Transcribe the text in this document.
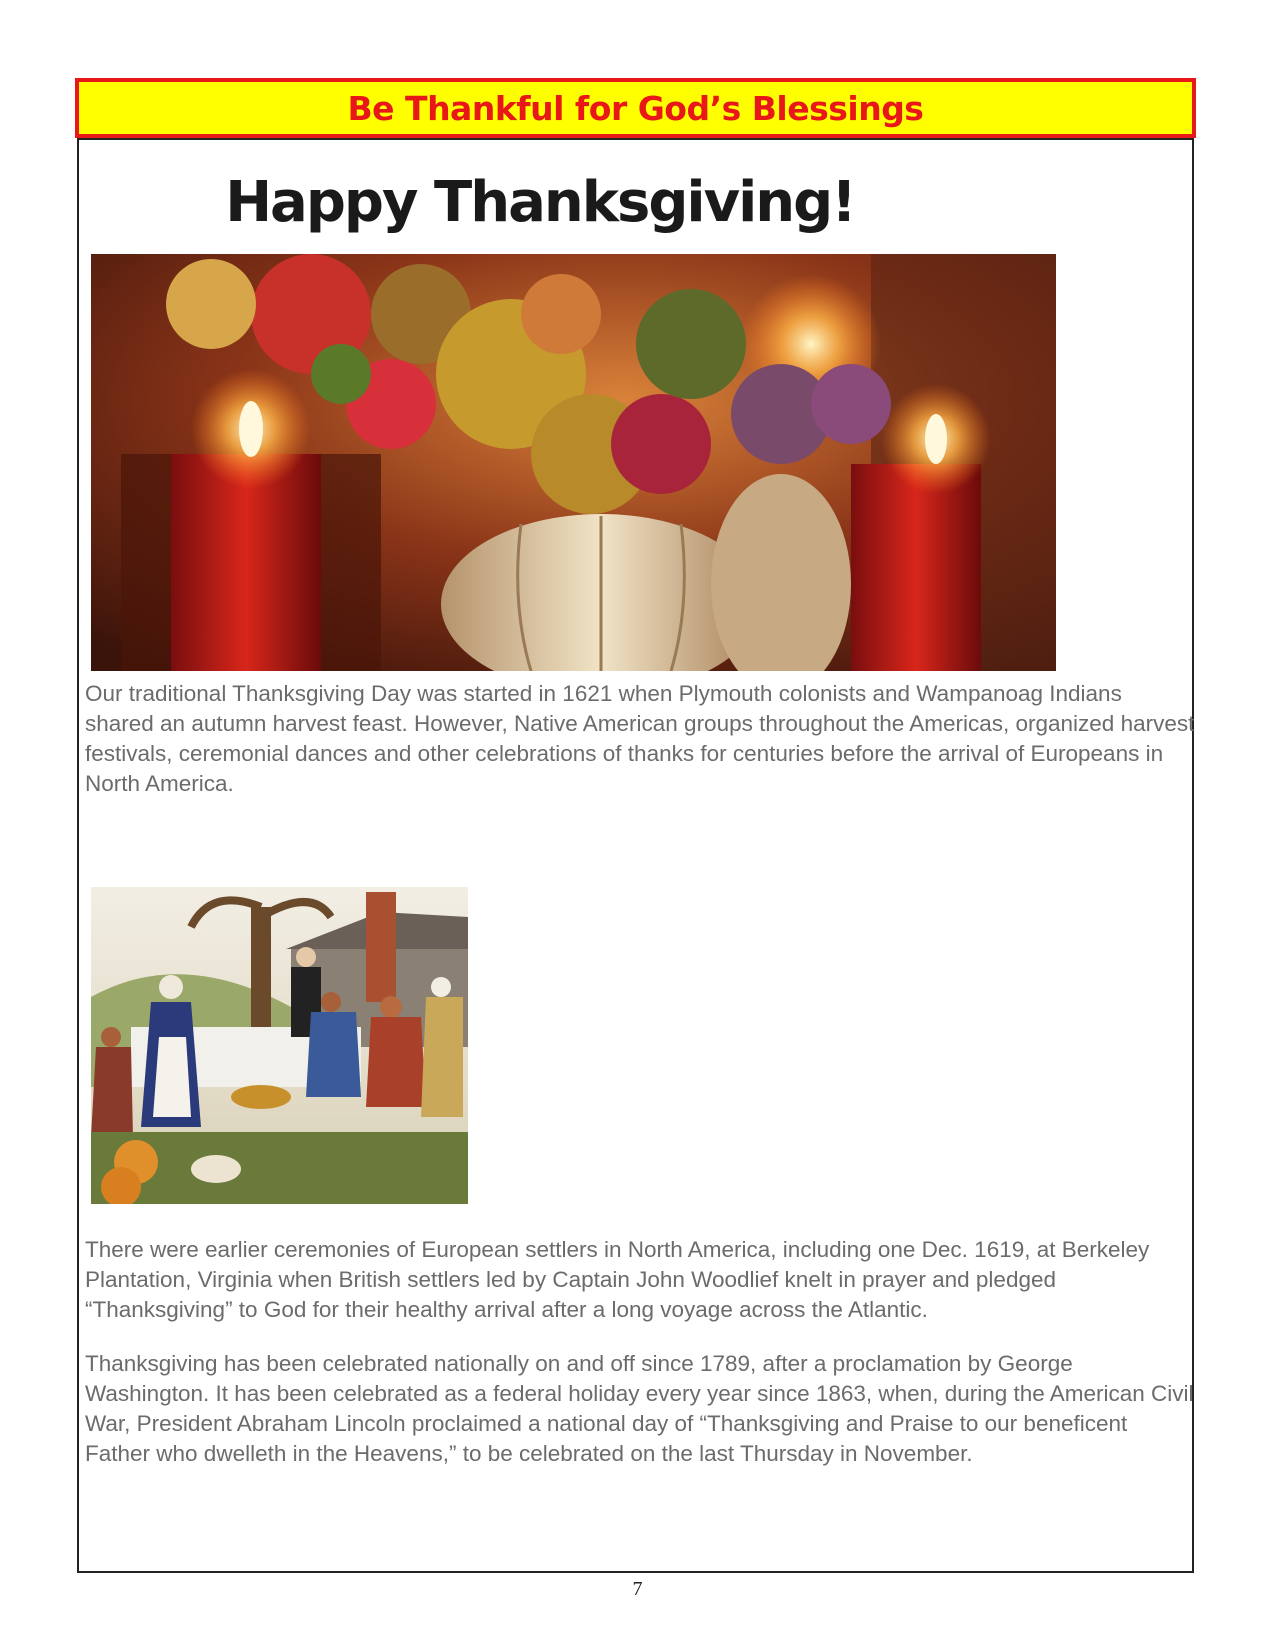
Be Thankful for God’s Blessings
Happy Thanksgiving!

Our traditional Thanksgiving Day was started in 1621 when Plymouth colonists and Wampanoag Indians shared an autumn harvest feast. However, Native American groups throughout the Americas, organized harvest festivals, ceremonial dances and other celebrations of thanks for centuries before the arrival of Europeans in North America.

There were earlier ceremonies of European settlers in North America, including one Dec. 1619, at Berkeley Plantation, Virginia when British settlers led by Captain John Woodlief knelt in prayer and pledged “Thanksgiving” to God for their healthy arrival after a long voyage across the Atlantic.

Thanksgiving has been celebrated nationally on and off since 1789, after a proclamation by George Washington. It has been celebrated as a federal holiday every year since 1863, when, during the American Civil War, President Abraham Lincoln proclaimed a national day of “Thanksgiving and Praise to our beneficent Father who dwelleth in the Heavens,” to be celebrated on the last Thursday in November.

7
